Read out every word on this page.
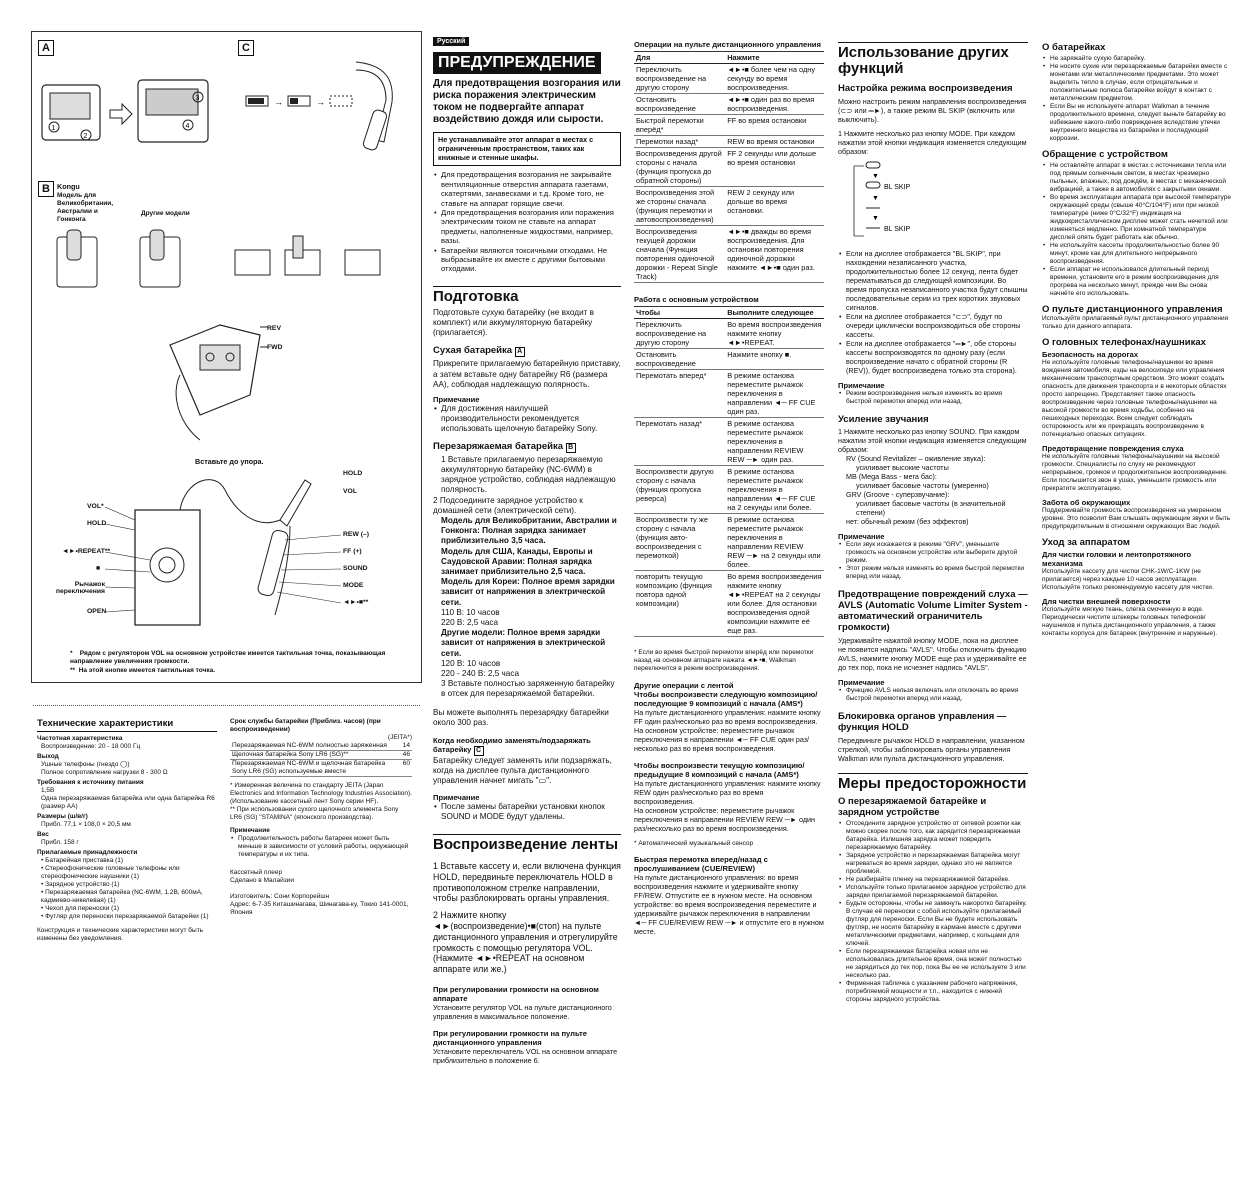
A
1
2
3
4
C
→	→
B Kongu
Модель для Великобритании, Австралии и Гонконга
Другие модели
REV
FWD
Вставьте до упора.
VOL*
HOLD
◄►•REPEAT**
■
Рычажок переключения
OPEN
HOLD
VOL
REW (–)
FF (+)
SOUND
MODE
◄►•■**
* Рядом с регулятором VOL на основном устройстве имеется тактильная точка, показывающая направление увеличения громкости.
** На этой кнопке имеется тактильная точка.
Технические характеристики
Частотная характеристика
Воспроизведение: 20 - 18 000 Гц
Выход
Ушные телефоны (гнездо ◯)
Полное сопротивление нагрузки 8 - 300 Ω
Требования к источнику питания
1,5В
Одна перезаряжаемая батарейка или одна батарейка R6 (размер АА)
Размеры (ш/в/г)
Прибл. 77,1 × 108,0 × 20,5 мм
Вес
Прибл. 158 г
Прилагаемые принадлежности
• Батарейная приставка (1)
• Стереофонические головные телефоны или стереофонические наушники (1)
• Зарядное устройство (1)
• Перезаряжаемая батарейка (NC-6WM, 1.2В, 600мА, кадмиево-никелевая) (1)
• Чехол для переноски (1)
• Футляр для переноски перезаряжаемой батарейки (1)
Конструкция и технические характеристики могут быть изменены без уведомления.
Срок службы батарейки (Приблиз. часов) (при воспроизведении)
(JEITA*)
Перезаряжаемая NC-6WM полностью заряженная	14
Щелочная батарейка Sony LR6 (SG)**	46
Перезаряжаемая NC-6WM и щелочная батарейка Sony LR6 (SG) используемые вместе	60
* Измеренная величина по стандарту JEITA (Japan Electronics and Information Technology Industries Association). (Использование кассетный лент Sony серии HF).
** При использовании сухого щелочного элемента Sony LR6 (SG) "STAMINA" (японского производства).
Примечание
• Продолжительность работы батареек может быть меньше в зависимости от условий работы, окружающей температуры и их типа.
Кассетный плеер
Сделано в Малайзии
Изготовитель: Сони Корпорейшн
Адрес: 6-7-35 Киташинагава, Шинагава-ку, Токио 141-0001, Япония
Русский
ПРЕДУПРЕЖДЕНИЕ
Для предотвращения возгорания или риска поражения электрическим током не подвергайте аппарат воздействию дождя или сырости.
Не устанавливайте этот аппарат в местах с ограниченным пространством, таких как книжные и стенные шкафы.
• Для предотвращения возгорания не закрывайте вентиляционные отверстия аппарата газетами, скатертями, занавесками и т.д. Кроме того, не ставьте на аппарат горящие свечи.
• Для предотвращения возгорания или поражения электрическим током не ставьте на аппарат предметы, наполненные жидкостями, например, вазы.
• Батарейки являются токсичными отходами. Не выбрасывайте их вместе с другими бытовыми отходами.
Подготовка
Подготовьте сухую батарейку (не входит в комплект) или аккумуляторную батарейку (прилагается).
Сухая батарейка A
Прикрепите прилагаемую батарейную приставку, а затем вставьте одну батарейку R6 (размера AA), соблюдая надлежащую полярность.
Примечание
• Для достижения наилучшей производительности рекомендуется использовать щелочную батарейку Sony.
Перезаряжаемая батарейка B
1 Вставьте прилагаемую перезаряжаемую аккумуляторную батарейку (NC-6WM) в зарядное устройство, соблюдая надлежащую полярность.
2 Подсоедините зарядное устройство к домашней сети (электрической сети).
Модель для Великобритании, Австралии и Гонконга: Полная зарядка занимает приблизительно 3,5 часа.
Модель для США, Канады, Европы и Саудовской Аравии: Полная зарядка занимает приблизительно 2,5 часа.
Модель для Кореи: Полное время зарядки зависит от напряжения в электрической сети.
110 В: 10 часов
220 В: 2,5 часа
Другие модели: Полное время зарядки зависит от напряжения в электрической сети.
120 В: 10 часов
220 - 240 В: 2,5 часа
3 Вставьте полностью заряженную батарейку в отсек для перезаряжаемой батарейки.
Вы можете выполнять перезарядку батарейки около 300 раз.
Когда необходимо заменять/подзаряжать батарейку C
Батарейку следует заменять или подзаряжать, когда на дисплее пульта дистанционного управления начнет мигать "▭".
Примечание
• После замены батарейки установки кнопок SOUND и MODE будут удалены.
Воспроизведение ленты
1 Вставьте кассету и, если включена функция HOLD, передвиньте переключатель HOLD в противоположном стрелке направлении, чтобы разблокировать органы управления.
2 Нажмите кнопку ◄►(воспроизведение)•■(стоп) на пульте дистанционного управления и отрегулируйте громкость с помощью регулятора VOL. (Нажмите ◄►•REPEAT на основном аппарате или же.)
При регулировании громкости на основном аппарате
Установите регулятор VOL на пульте дистанционного управления в максимальное положение.
При регулировании громкости на пульте дистанционного управления
Установите переключатель VOL на основном аппарате приблизительно в положение 6.
Операции на пульте дистанционного управления
Для	Нажмите
Переключить воспроизведение на другую сторону	◄►•■ более чем на одну секунду во время воспроизведения.
Остановить воспроизведение	◄►•■ один раз во время воспроизведения.
Быстрой перемотки вперёд*	FF во время остановки
Перемотки назад*	REW во время остановки
Воспроизведения другой стороны с начала (функция пропуска до обратной стороны)	FF 2 секунды или дольше во время остановки
Воспроизведения этой же стороны сначала (функция перемотки и автовоспроизведения)	REW 2 секунду или дольше во время остановки.
Воспроизведения текущей дорожки сначала (Функция повторения одиночной дорожки - Repeat Single Track)	◄►•■ дважды во время воспроизведения. Для остановки повторения одиночной дорожки нажмите ◄►•■ один раз.
Работа с основным устройством
Чтобы	Выполните следующее
Переключить воспроизведение на другую сторону	Во время воспроизведения нажмите кнопку ◄►•REPEAT.
Остановить воспроизведение	Нажмите кнопку ■.
Перемотать вперед*	В режиме останова переместите рычажок переключения в направлении ◄─ FF CUE один раз.
Перемотать назад*	В режиме останова переместите рычажок переключения в направлении REVIEW REW ─► один раз.
Воспроизвести другую сторону с начала (функция пропуска реверса)	В режиме останова переместите рычажок переключения в направлении ◄─ FF CUE на 2 секунды или более.
Воспроизвести ту же сторону с начала (функция авто-воспроизведения с перемоткой)	В режиме останова переместите рычажок переключения в направлении REVIEW REW ─► на 2 секунды или более.
повторить текущую композицию (функция повтора одной композиции)	Во время воспроизведения нажмите кнопку ◄►•REPEAT на 2 секунды или более. Для остановки воспроизведения одной композиции нажмите её еще раз.
* Если во время быстрой перемотки вперёд или перемотки назад на основном аппарате нажата ◄►•■, Walkman переключится в режим воспроизведения.
Другие операции с лентой
Чтобы воспроизвести следующую композицию/ последующие 9 композиций с начала (AMS*)
На пульте дистанционного управления: нажмите кнопку FF один раз/несколько раз во время воспроизведения.
На основном устройстве: переместите рычажок переключения в направлении ◄─ FF CUE один раз/несколько раз во время воспроизведения.
Чтобы воспроизвести текущую композицию/ предыдущие 8 композиций с начала (AMS*)
На пульте дистанционного управления: нажмите кнопку REW один раз/несколько раз во время воспроизведения.
На основном устройстве: переместите рычажок переключения в направлении REVIEW REW ─► один раз/несколько раз во время воспроизведения.
* Автоматический музыкальный сенсор
Быстрая перемотка вперед/назад с прослушиванием (CUE/REVIEW)
На пульте дистанционного управления: во время воспроизведения нажмите и удерживайте кнопку FF/REW. Отпустите ее в нужном месте. На основном устройстве: во время воспроизведения переместите и удерживайте рычажок переключения в направлении ◄─ FF CUE/REVIEW REW ─► и отпустите его в нужном месте.
Использование других функций
Настройка режима воспроизведения
Можно настроить режим направления воспроизведения (⊂⊃ или ═►), а также режим BL SKIP (включить или выключить).
1 Нажмите несколько раз кнопку MODE. При каждом нажатии этой кнопки индикация изменяется следующим образом:
▼
BL SKIP
▼
▼
BL SKIP
• Если на дисплее отображается "BL SKIP", при нахождении незаписанного участка, продолжительностью более 12 секунд, лента будет перематываться до следующей композиции. Во время пропуска незаписанного участка будут слышны последовательные серии из трех коротких звуковых сигналов.
• Если на дисплее отображается "⊂⊃", будут по очереди циклически воспроизводиться обе стороны кассеты.
• Если на дисплее отображается "═►", обе стороны кассеты воспроизводятся по одному разу (если воспроизведение начато с обратной стороны (R (REV)), будет воспроизведена только эта сторона).
Примечание
• Режим воспроизведения нельзя изменять во время быстрой перемотки вперед или назад.
Усиление звучания
1 Нажмите несколько раз кнопку SOUND. При каждом нажатии этой кнопки индикация изменяется следующим образом:
RV (Sound Revitalizer – оживление звука):
усиливает высокие частоты
MB (Mega Bass - мега бас):
усиливает басовые частоты (умеренно)
GRV (Groove - суперзвучание):
усиливает басовые частоты (в значительной степени)
нет: обычный режим (без эффектов)
Примечание
• Если звук искажается в режиме "GRV", уменьшите громкость на основном устройстве или выберите другой режим.
• Этот режим нельзя изменять во время быстрой перемотки вперед или назад.
Предотвращение повреждений слуха — AVLS (Automatic Volume Limiter System - автоматический ограничитель громкости)
Удерживайте нажатой кнопку MODE, пока на дисплее не появится надпись "AVLS". Чтобы отключить функцию AVLS, нажмите кнопку MODE еще раз и удерживайте ее до тех пор, пока не исчезнет надпись "AVLS".
Примечание
• Функцию AVLS нельзя включать или отключать во время быстрой перемотки вперед или назад.
Блокировка органов управления — функция HOLD
Передвиньте рычажок HOLD в направлении, указанном стрелкой, чтобы заблокировать органы управления Walkman или пульта дистанционного управления.
Меры предосторожности
О перезаряжаемой батарейке и зарядном устройстве
• Отсоедините зарядное устройство от сетевой розетки как можно скорее после того, как зарядится перезаряжаемая батарейка. Излишняя зарядка может повредить перезаряжаемую батарейку.
• Зарядное устройство и перезаряжаемая батарейка могут нагреваться во время зарядки, однако это не является проблемой.
• Не разбирайте пленку на перезаряжаемой батарейке.
• Используйте только прилагаемое зарядное устройство для зарядки прилагаемой перезаряжаемой батарейки.
• Будьте осторожны, чтобы не замкнуть накоротко батарейку. В случае её переноски с собой используйте прилагаемый футляр для переноски. Если Вы не будете использовать футляр, не носите батарейку в кармане вместе с другими металлическими предметами, например, с кольцами для ключей.
• Если перезаряжаемая батарейка новая или не использовалась длительное время, она может полностью не зарядиться до тех пор, пока Вы ее не используете 3 или несколько раз.
• Фирменная табличка с указанием рабочего напряжения, потребляемой мощности и т.п., находится с нижней стороны зарядного устройства.
О батарейках
• Не заряжайте сухую батарейку.
• Не носите сухие или перезаряжаемые батарейки вместе с монетами или металлическими предметами. Это может выделить тепло в случае, если отрицательные и положительные полюса батарейки войдут в контакт с металлическим предметом.
• Если Вы не используете аппарат Walkman в течение продолжительного времени, следует выньте батарейку во избежание какого-либо повреждения вследствие утечки внутреннего вещества из батарейки и последующей коррозии.
Обращение с устройством
• Не оставляйте аппарат в местах с источниками тепла или под прямым солнечным светом, в местах чрезмерно пыльных, влажных, под дождём, в местах с механической вибрацией, а также в автомобилях с закрытыми окнами.
• Во время эксплуатации аппарата при высокой температуре окружающей среды (свыше 40°C/104°F) или при низкой температуре (ниже 0°C/32°F) индикация на жидкокристаллическом дисплее может стать нечеткой или изменяться медленно. При комнатной температуре дисплей опять будет работать как обычно.
• Не используйте кассеты продолжительностью более 90 минут, кроме как для длительного непрерывного воспроизведения.
• Если аппарат не использовался длительный период времени, установите его в режим воспроизведения для прогрева на несколько минут, прежде чем Вы снова начнёте его использовать.
О пульте дистанционного управления
Используйте прилагаемый пульт дистанционного управления только для данного аппарата.
О головных телефонах/наушниках
Безопасность на дорогах
Не используйте головные телефоны/наушники во время вождения автомобиля, езды на велосипеде или управления механическим транспортным средством. Это может создать опасность для движения транспорта и в некоторых областях просто запрещено. Представляет также опасность воспроизведение через головные телефоны/наушники на высокой громкости во время ходьбы, особенно на пешеходных переходах. Всем следует соблюдать осторожность или же прекращать воспроизведение в потенциально опасных ситуациях.
Предотвращение повреждения слуха
Не используйте головные телефоны/наушники на высокой громкости. Специалисты по слуху не рекомендуют непрерывное, громкое и продолжительное воспроизведение. Если послышится звон в ушах, уменьшите громкость или прекратите эксплуатацию.
Забота об окружающих
Поддерживайте громкость воспроизведения на умеренном уровне. Это позволит Вам слышать окружающие звуки и быть предупредительным в отношении окружающих Вас людей.
Уход за аппаратом
Для чистки головки и лентопротяжного механизма
Используйте кассету для чистки CHK-1W/C-1KW (не прилагается) через каждые 10 часов эксплуатации. Используйте только рекомендуемую кассету для чистки.
Для чистки внешней поверхности
Используйте мягкую ткань, слегка смоченную в воде. Периодически чистите штекеры головных телефонов/ наушников и пульта дистанционного управления, а также контакты корпуса для батареек (внутренние и наружные).
